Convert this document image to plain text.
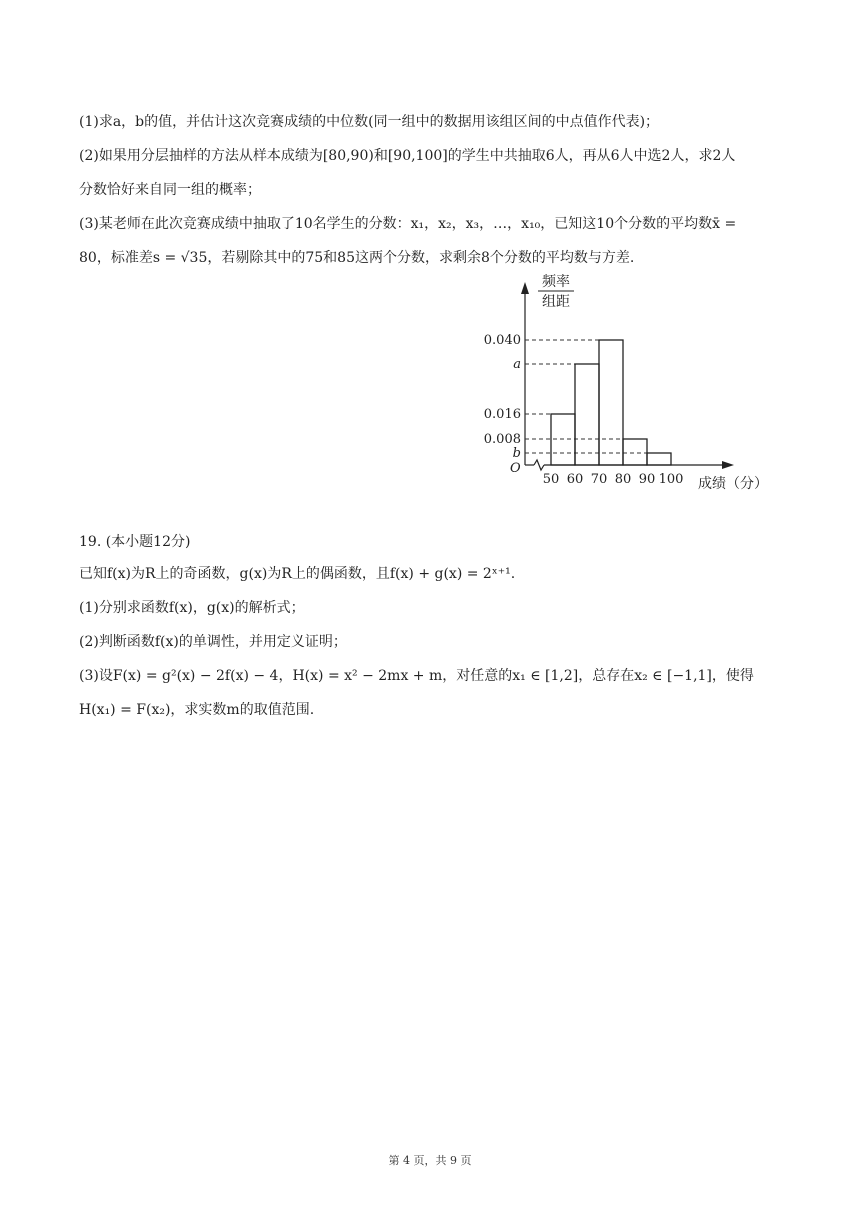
(1)求a，b的值，并估计这次竞赛成绩的中位数(同一组中的数据用该组区间的中点值作代表)；
(2)如果用分层抽样的方法从样本成绩为[80,90)和[90,100]的学生中共抽取6人，再从6人中选2人，求2人
分数恰好来自同一组的概率；
(3)某老师在此次竞赛成绩中抽取了10名学生的分数：x₁，x₂，x₃，…，x₁₀，已知这10个分数的平均数x̄ =
80，标准差s = √35，若剔除其中的75和85这两个分数，求剩余8个分数的平均数与方差.
频率
组距
O
0.040
a
0.016
0.008
b
50 60 70 80 90 100 成绩（分）
19. (本小题12分)
已知f(x)为R上的奇函数，g(x)为R上的偶函数，且f(x) + g(x) = 2ˣ⁺¹.
(1)分别求函数f(x)，g(x)的解析式；
(2)判断函数f(x)的单调性，并用定义证明；
(3)设F(x) = g²(x) − 2f(x) − 4，H(x) = x² − 2mx + m，对任意的x₁ ∈ [1,2]，总存在x₂ ∈ [−1,1]，使得
H(x₁) = F(x₂)，求实数m的取值范围.
第 4 页，共 9 页
